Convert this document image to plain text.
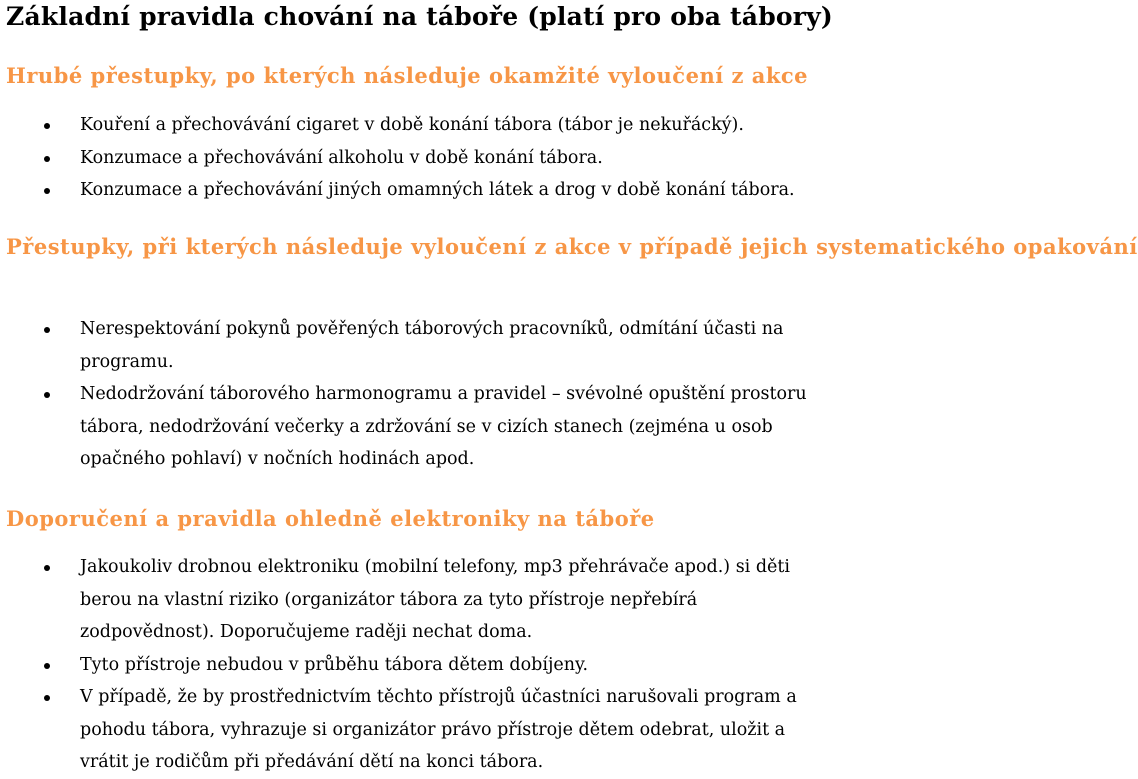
Základní pravidla chování na táboře (platí pro oba tábory)
Hrubé přestupky, po kterých následuje okamžité vyloučení z akce
Kouření a přechovávání cigaret v době konání tábora (tábor je nekuřácký).
Konzumace a přechovávání alkoholu v době konání tábora.
Konzumace a přechovávání jiných omamných látek a drog v době konání tábora.
Přestupky, při kterých následuje vyloučení z akce v případě jejich systematického opakování
Nerespektování pokynů pověřených táborových pracovníků, odmítání účasti na
programu.
Nedodržování táborového harmonogramu a pravidel – svévolné opuštění prostoru
tábora, nedodržování večerky a zdržování se v cizích stanech (zejména u osob
opačného pohlaví) v nočních hodinách apod.
Doporučení a pravidla ohledně elektroniky na táboře
Jakoukoliv drobnou elektroniku (mobilní telefony, mp3 přehrávače apod.) si děti
berou na vlastní riziko (organizátor tábora za tyto přístroje nepřebírá
zodpovědnost). Doporučujeme raději nechat doma.
Tyto přístroje nebudou v průběhu tábora dětem dobíjeny.
V případě, že by prostřednictvím těchto přístrojů účastníci narušovali program a
pohodu tábora, vyhrazuje si organizátor právo přístroje dětem odebrat, uložit a
vrátit je rodičům při předávání dětí na konci tábora.
